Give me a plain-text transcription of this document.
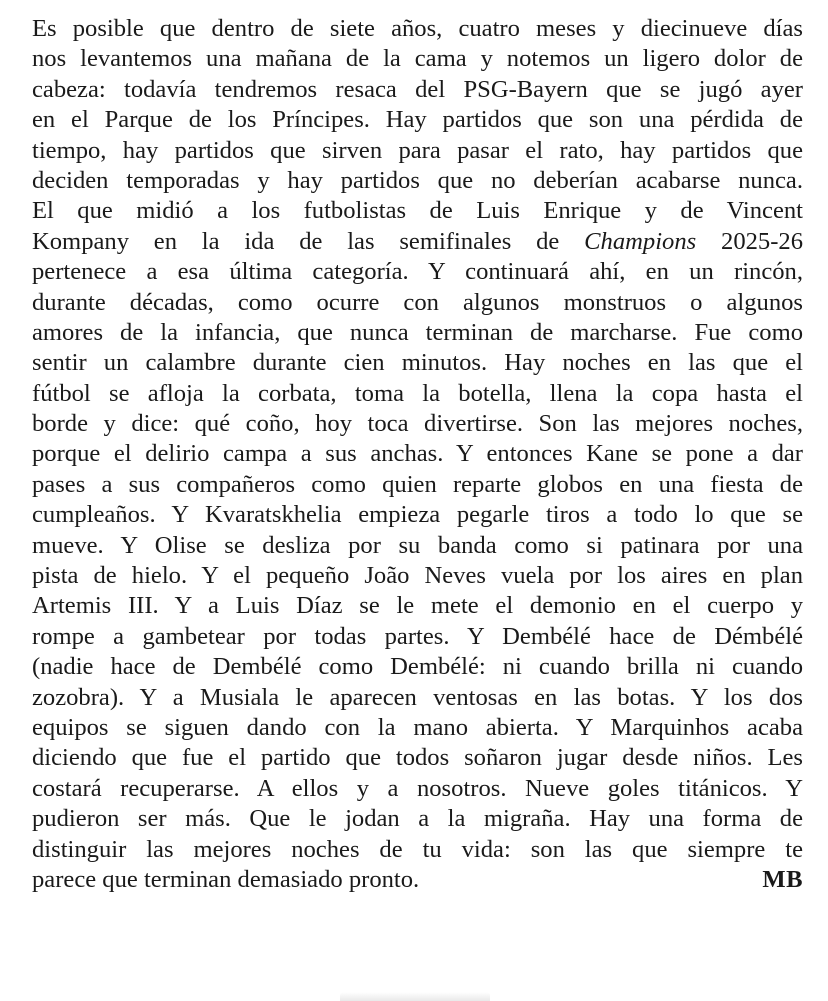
Es posible que dentro de siete años, cuatro meses y diecinueve días
nos levantemos una mañana de la cama y notemos un ligero dolor de
cabeza: todavía tendremos resaca del PSG-Bayern que se jugó ayer
en el Parque de los Príncipes. Hay partidos que son una pérdida de
tiempo, hay partidos que sirven para pasar el rato, hay partidos que
deciden temporadas y hay partidos que no deberían acabarse nunca.
El que midió a los futbolistas de Luis Enrique y de Vincent
Kompany en la ida de las semifinales de Champions 2025-26
pertenece a esa última categoría. Y continuará ahí, en un rincón,
durante décadas, como ocurre con algunos monstruos o algunos
amores de la infancia, que nunca terminan de marcharse. Fue como
sentir un calambre durante cien minutos. Hay noches en las que el
fútbol se afloja la corbata, toma la botella, llena la copa hasta el
borde y dice: qué coño, hoy toca divertirse. Son las mejores noches,
porque el delirio campa a sus anchas. Y entonces Kane se pone a dar
pases a sus compañeros como quien reparte globos en una fiesta de
cumpleaños. Y Kvaratskhelia empieza pegarle tiros a todo lo que se
mueve. Y Olise se desliza por su banda como si patinara por una
pista de hielo. Y el pequeño João Neves vuela por los aires en plan
Artemis III. Y a Luis Díaz se le mete el demonio en el cuerpo y
rompe a gambetear por todas partes. Y Dembélé hace de Démbélé
(nadie hace de Dembélé como Dembélé: ni cuando brilla ni cuando
zozobra). Y a Musiala le aparecen ventosas en las botas. Y los dos
equipos se siguen dando con la mano abierta. Y Marquinhos acaba
diciendo que fue el partido que todos soñaron jugar desde niños. Les
costará recuperarse. A ellos y a nosotros. Nueve goles titánicos. Y
pudieron ser más. Que le jodan a la migraña. Hay una forma de
distinguir las mejores noches de tu vida: son las que siempre te
parece que terminan demasiado pronto.	MB
